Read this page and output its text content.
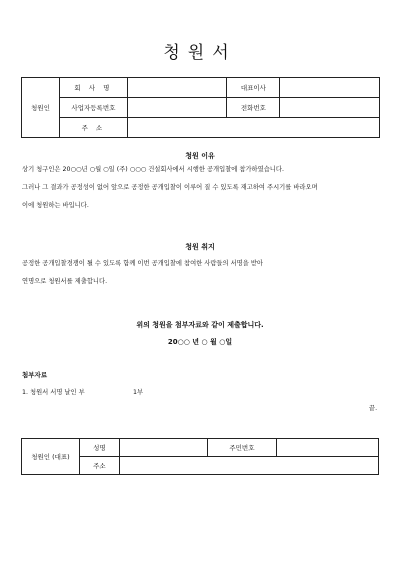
청원서
청원인	회 사 명		대표이사	
	사업자등록번호		전화번호	
	주 소			
청원 이유
상기 청구인은 20○○년 ○월 ○일 (주) ○○○ 건설회사에서 시행한 공개입찰에 참가하였습니다.
그러나 그 결과가 공정성이 없어 앞으로 공정한 공개입찰이 이루어 질 수 있도록 재고하여 주시기를 바라오며
이에 청원하는 바입니다.
청원 취지
공정한 공개입찰경쟁이 될 수 있도록 함께 이번 공개입찰에 참여한 사람들의 서명을 받아
연명으로 청원서를 제출합니다.
위의 청원을 첨부자료와 같이 제출합니다.
20○○ 년 ○ 월 ○일
첨부자료
1. 청원서 서명 날인 부	1부
끝.
청원인 (대표)	성명		주민번호	
	주소			
